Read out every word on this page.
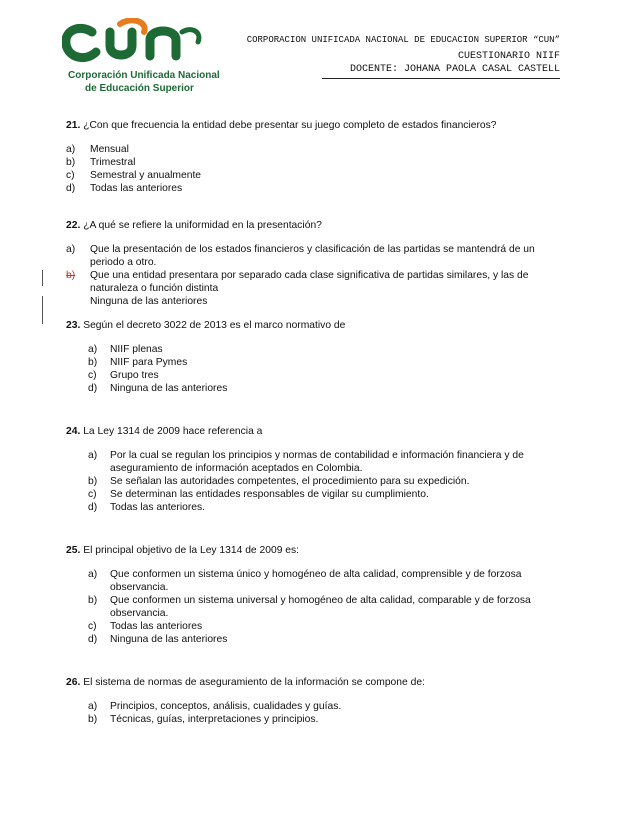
Corporación Unificada Nacional
de Educación Superior
CORPORACION UNIFICADA NACIONAL DE EDUCACION SUPERIOR “CUN”
CUESTIONARIO NIIF
DOCENTE: JOHANA PAOLA CASAL CASTELL

21. ¿Con que frecuencia la entidad debe presentar su juego completo de estados financieros?

a) Mensual
b) Trimestral
c) Semestral y anualmente
d) Todas las anteriores

22. ¿A qué se refiere la uniformidad en la presentación?

a) Que la presentación de los estados financieros y clasificación de las partidas se mantendrá de un periodo a otro.
b) Que una entidad presentara por separado cada clase significativa de partidas similares, y las de naturaleza o función distinta
Ninguna de las anteriores

23. Según el decreto 3022 de 2013 es el marco normativo de

a) NIIF plenas
b) NIIF para Pymes
c) Grupo tres
d) Ninguna de las anteriores

24. La Ley 1314 de 2009 hace referencia a

a) Por la cual se regulan los principios y normas de contabilidad e información financiera y de aseguramiento de información aceptados en Colombia.
b) Se señalan las autoridades competentes, el procedimiento para su expedición.
c) Se determinan las entidades responsables de vigilar su cumplimiento.
d) Todas las anteriores.

25. El principal objetivo de la Ley 1314 de 2009 es:

a) Que conformen un sistema único y homogéneo de alta calidad, comprensible y de forzosa observancia.
b) Que conformen un sistema universal y homogéneo de alta calidad, comparable y de forzosa observancia.
c) Todas las anteriores
d) Ninguna de las anteriores

26. El sistema de normas de aseguramiento de la información se compone de:

a) Principios, conceptos, análisis, cualidades y guías.
b) Técnicas, guías, interpretaciones y principios.
